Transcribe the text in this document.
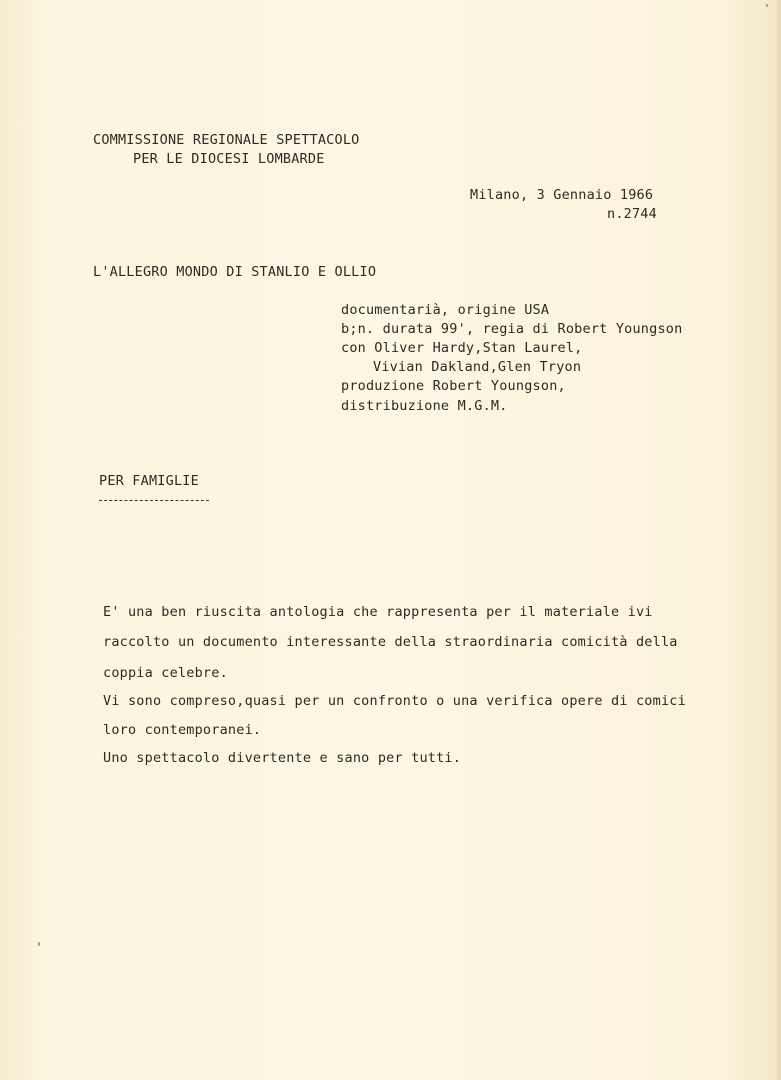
COMMISSIONE REGIONALE SPETTACOLO
PER LE DIOCESI LOMBARDE
Milano, 3 Gennaio 1966
n.2744
L'ALLEGRO MONDO DI STANLIO E OLLIO
documentarià, origine USA
b;n. durata 99', regia di Robert Youngson
con Oliver Hardy,Stan Laurel,
Vivian Dakland,Glen Tryon
produzione Robert Youngson,
distribuzione M.G.M.
PER FAMIGLIE
E' una ben riuscita antologia che rappresenta per il materiale ivi
raccolto un documento interessante della straordinaria comicità della
coppia celebre.
Vi sono compreso,quasi per un confronto o una verifica opere di comici
loro contemporanei.
Uno spettacolo divertente e sano per tutti.
